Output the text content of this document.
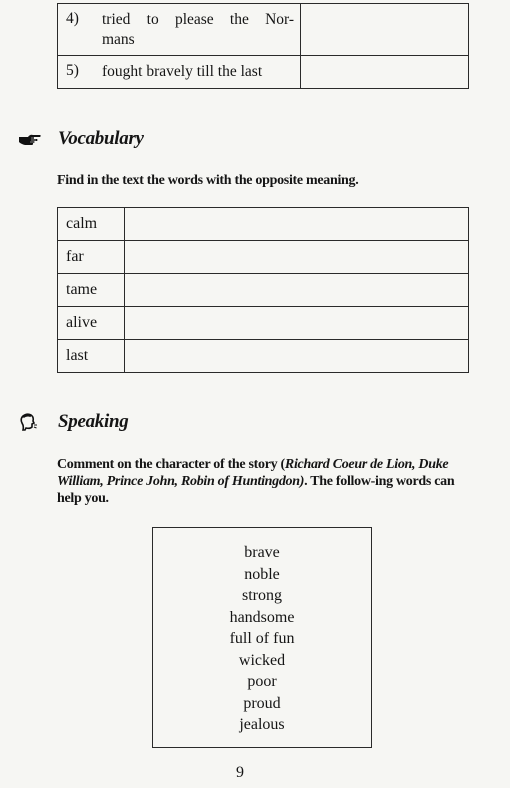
4) tried to please the Nor-
mans	

5) fought bravely till the last	

Vocabulary
Find in the text the words with the opposite meaning.
calm	
far	
tame	
alive	
last	
Speaking
Comment on the character of the story (Richard Coeur de Lion, Duke William, Prince John, Robin of Huntingdon). The follow-ing words can help you.
brave
noble
strong
handsome
full of fun
wicked
poor
proud
jealous
9
